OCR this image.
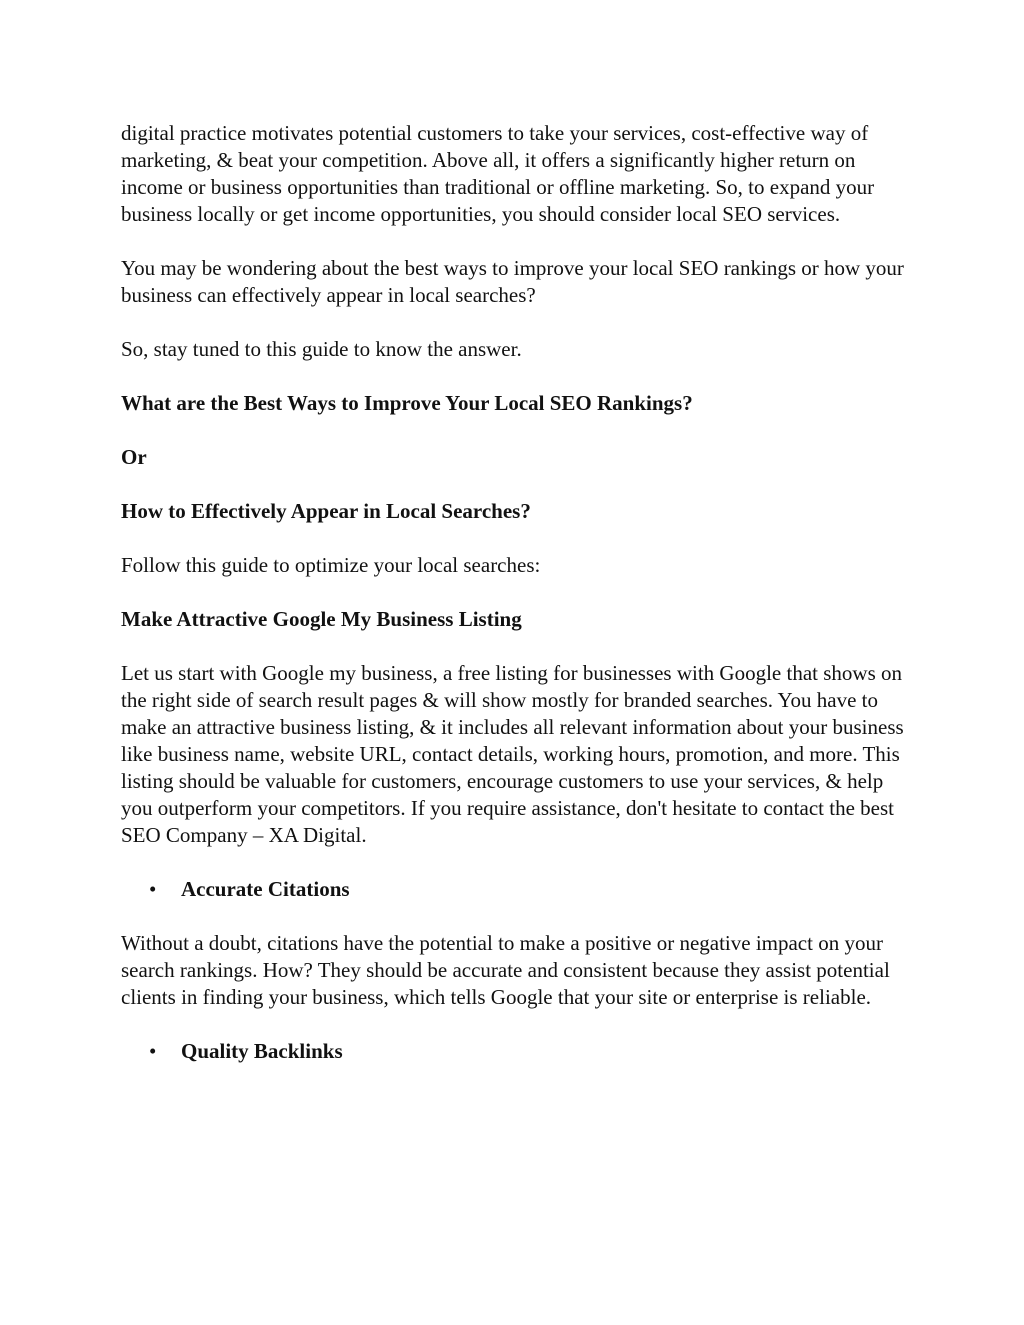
digital practice motivates potential customers to take your services, cost-effective way of marketing, & beat your competition. Above all, it offers a significantly higher return on income or business opportunities than traditional or offline marketing. So, to expand your business locally or get income opportunities, you should consider local SEO services.

You may be wondering about the best ways to improve your local SEO rankings or how your business can effectively appear in local searches?

So, stay tuned to this guide to know the answer.

What are the Best Ways to Improve Your Local SEO Rankings?

Or

How to Effectively Appear in Local Searches?

Follow this guide to optimize your local searches:

Make Attractive Google My Business Listing

Let us start with Google my business, a free listing for businesses with Google that shows on the right side of search result pages & will show mostly for branded searches. You have to make an attractive business listing, & it includes all relevant information about your business like business name, website URL, contact details, working hours, promotion, and more. This listing should be valuable for customers, encourage customers to use your services, & help you outperform your competitors. If you require assistance, don't hesitate to contact the best SEO Company – XA Digital.

• Accurate Citations

Without a doubt, citations have the potential to make a positive or negative impact on your search rankings. How? They should be accurate and consistent because they assist potential clients in finding your business, which tells Google that your site or enterprise is reliable.

• Quality Backlinks
